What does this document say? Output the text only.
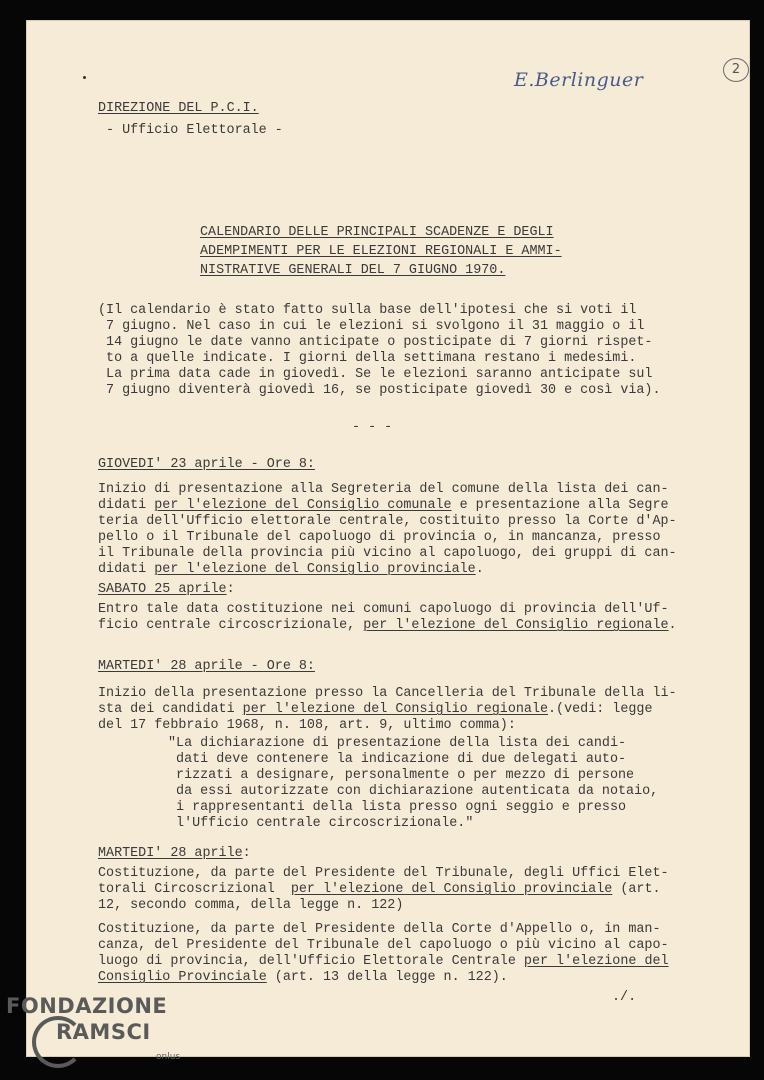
E.Berlinguer	2
DIREZIONE DEL P.C.I.
- Ufficio Elettorale -
CALENDARIO DELLE PRINCIPALI SCADENZE E DEGLI
ADEMPIMENTI PER LE ELEZIONI REGIONALI E AMMI-
NISTRATIVE GENERALI DEL 7 GIUGNO 1970.
(Il calendario è stato fatto sulla base dell'ipotesi che si voti il
7 giugno. Nel caso in cui le elezioni si svolgono il 31 maggio o il
14 giugno le date vanno anticipate o posticipate di 7 giorni rispet-
to a quelle indicate. I giorni della settimana restano i medesimi.
La prima data cade in giovedì. Se le elezioni saranno anticipate sul
7 giugno diventerà giovedì 16, se posticipate giovedì 30 e così via).
- - -
GIOVEDI' 23 aprile - Ore 8:
Inizio di presentazione alla Segreteria del comune della lista dei can-
didati per l'elezione del Consiglio comunale e presentazione alla Segre
teria dell'Ufficio elettorale centrale, costituito presso la Corte d'Ap-
pello o il Tribunale del capoluogo di provincia o, in mancanza, presso
il Tribunale della provincia più vicino al capoluogo, dei gruppi di can-
didati per l'elezione del Consiglio provinciale.
SABATO 25 aprile:
Entro tale data costituzione nei comuni capoluogo di provincia dell'Uf-
ficio centrale circoscrizionale, per l'elezione del Consiglio regionale.
MARTEDI' 28 aprile - Ore 8:
Inizio della presentazione presso la Cancelleria del Tribunale della li-
sta dei candidati per l'elezione del Consiglio regionale.(vedi: legge
del 17 febbraio 1968, n. 108, art. 9, ultimo comma):
"La dichiarazione di presentazione della lista dei candi-
dati deve contenere la indicazione di due delegati auto-
rizzati a designare, personalmente o per mezzo di persone
da essi autorizzate con dichiarazione autenticata da notaio,
i rappresentanti della lista presso ogni seggio e presso
l'Ufficio centrale circoscrizionale."
MARTEDI' 28 aprile:
Costituzione, da parte del Presidente del Tribunale, degli Uffici Elet-
torali Circoscrizional  per l'elezione del Consiglio provinciale (art.
12, secondo comma, della legge n. 122)
Costituzione, da parte del Presidente della Corte d'Appello o, in man-
canza, del Presidente del Tribunale del capoluogo o più vicino al capo-
luogo di provincia, dell'Ufficio Elettorale Centrale per l'elezione del
Consiglio Provinciale (art. 13 della legge n. 122).
./.
FONDAZIONE
RAMSCI
onlus
